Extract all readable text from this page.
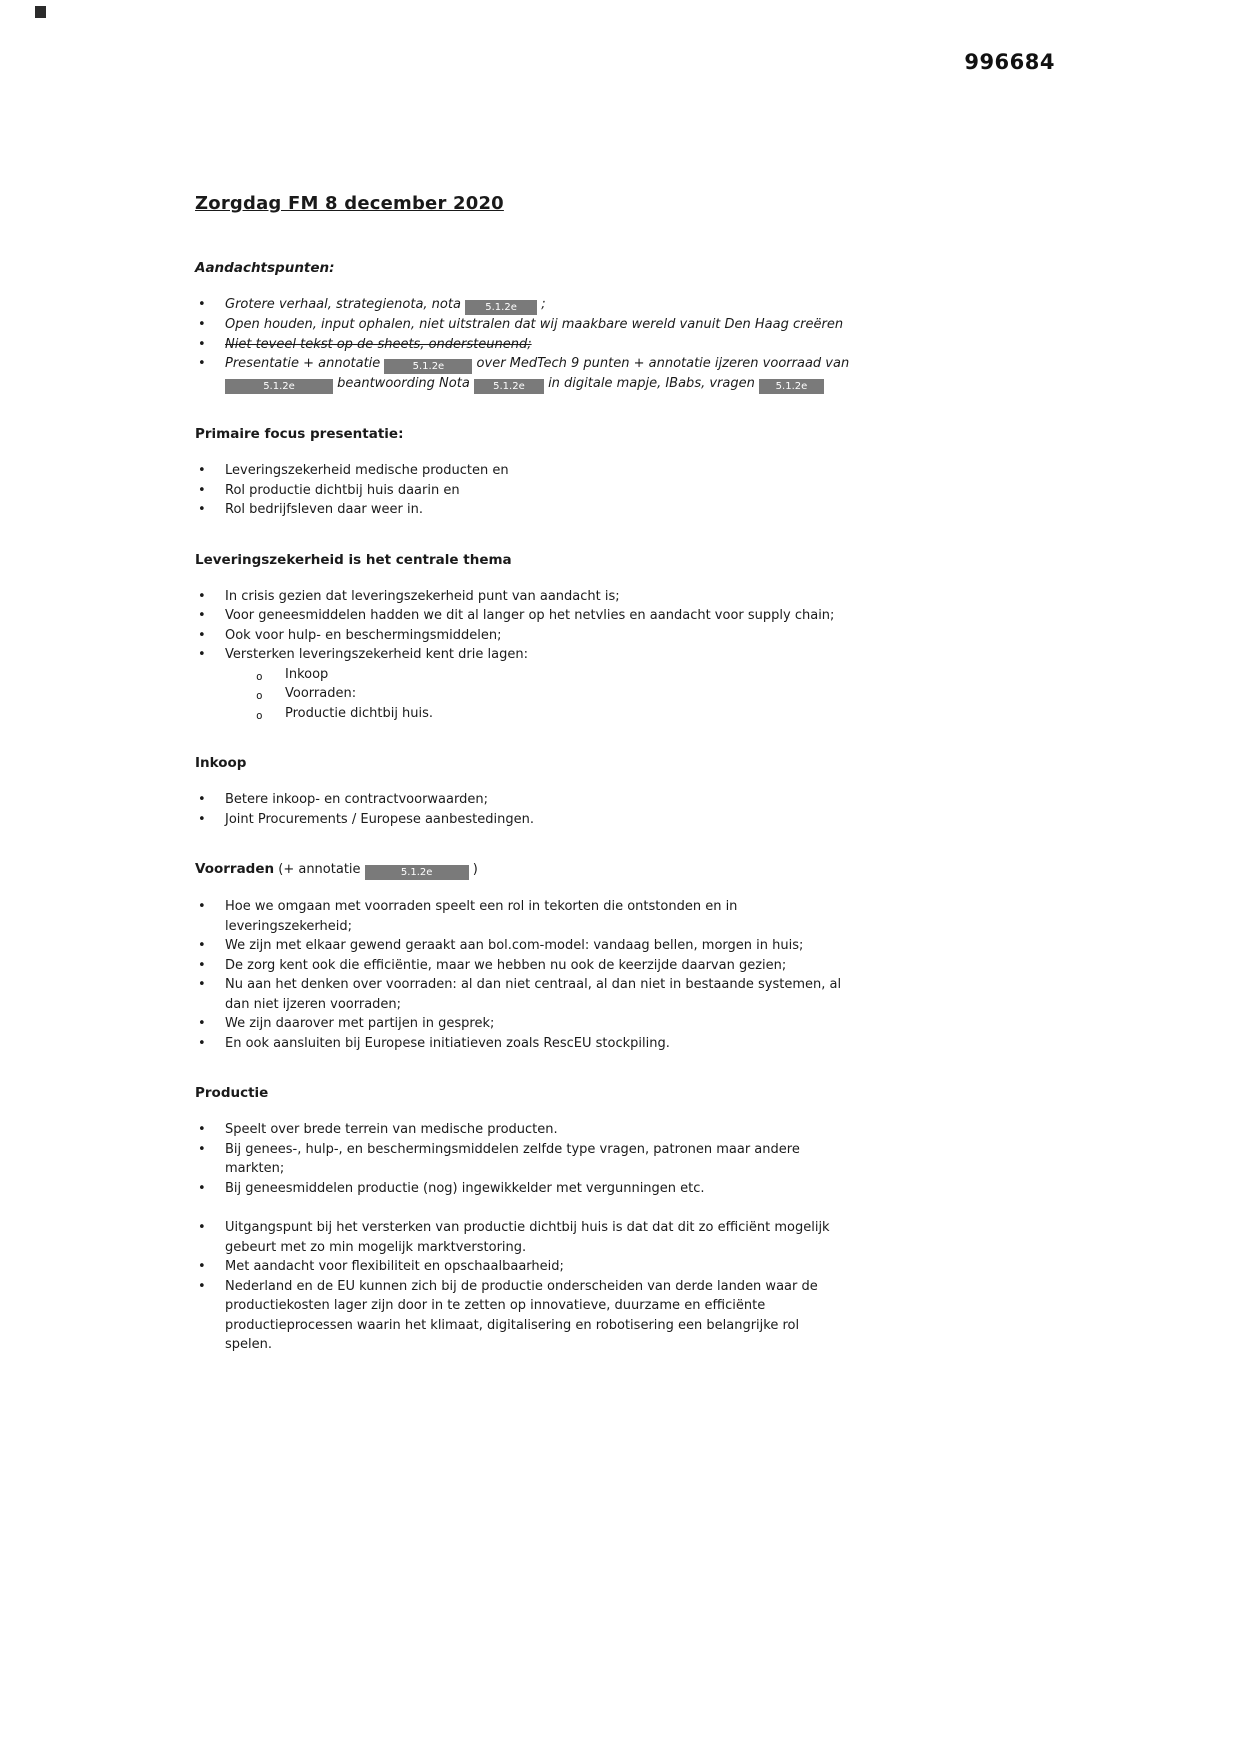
996684
Zorgdag FM 8 december 2020
Aandachtspunten:
• Grotere verhaal, strategienota, nota 5.1.2e ;
• Open houden, input ophalen, niet uitstralen dat wij maakbare wereld vanuit Den Haag creëren
• Niet teveel tekst op de sheets, ondersteunend;
• Presentatie + annotatie	5.1.2e over MedTech 9 punten + annotatie ijzeren voorraad van
5.1.2e	beantwoording Nota 5.1.2e in digitale mapje, IBabs, vragen 5.1.2e
Primaire focus presentatie:
• Leveringszekerheid medische producten en
• Rol productie dichtbij huis daarin en
• Rol bedrijfsleven daar weer in.
Leveringszekerheid is het centrale thema
• In crisis gezien dat leveringszekerheid punt van aandacht is;
• Voor geneesmiddelen hadden we dit al langer op het netvlies en aandacht voor supply chain;
• Ook voor hulp- en beschermingsmiddelen;
• Versterken leveringszekerheid kent drie lagen:
o Inkoop
o Voorraden:
o Productie dichtbij huis.
Inkoop
• Betere inkoop- en contractvoorwaarden;
• Joint Procurements / Europese aanbestedingen.
Voorraden (+ annotatie	5.1.2e	)
• Hoe we omgaan met voorraden speelt een rol in tekorten die ontstonden en in
leveringszekerheid;
• We zijn met elkaar gewend geraakt aan bol.com-model: vandaag bellen, morgen in huis;
• De zorg kent ook die efficiëntie, maar we hebben nu ook de keerzijde daarvan gezien;
• Nu aan het denken over voorraden: al dan niet centraal, al dan niet in bestaande systemen, al
dan niet ijzeren voorraden;
• We zijn daarover met partijen in gesprek;
• En ook aansluiten bij Europese initiatieven zoals RescEU stockpiling.
Productie
• Speelt over brede terrein van medische producten.
• Bij genees-, hulp-, en beschermingsmiddelen zelfde type vragen, patronen maar andere
markten;
• Bij geneesmiddelen productie (nog) ingewikkelder met vergunningen etc.
• Uitgangspunt bij het versterken van productie dichtbij huis is dat dat dit zo efficiënt mogelijk
gebeurt met zo min mogelijk marktverstoring.
• Met aandacht voor flexibiliteit en opschaalbaarheid;
• Nederland en de EU kunnen zich bij de productie onderscheiden van derde landen waar de
productiekosten lager zijn door in te zetten op innovatieve, duurzame en efficiënte
productieprocessen waarin het klimaat, digitalisering en robotisering een belangrijke rol
spelen.
